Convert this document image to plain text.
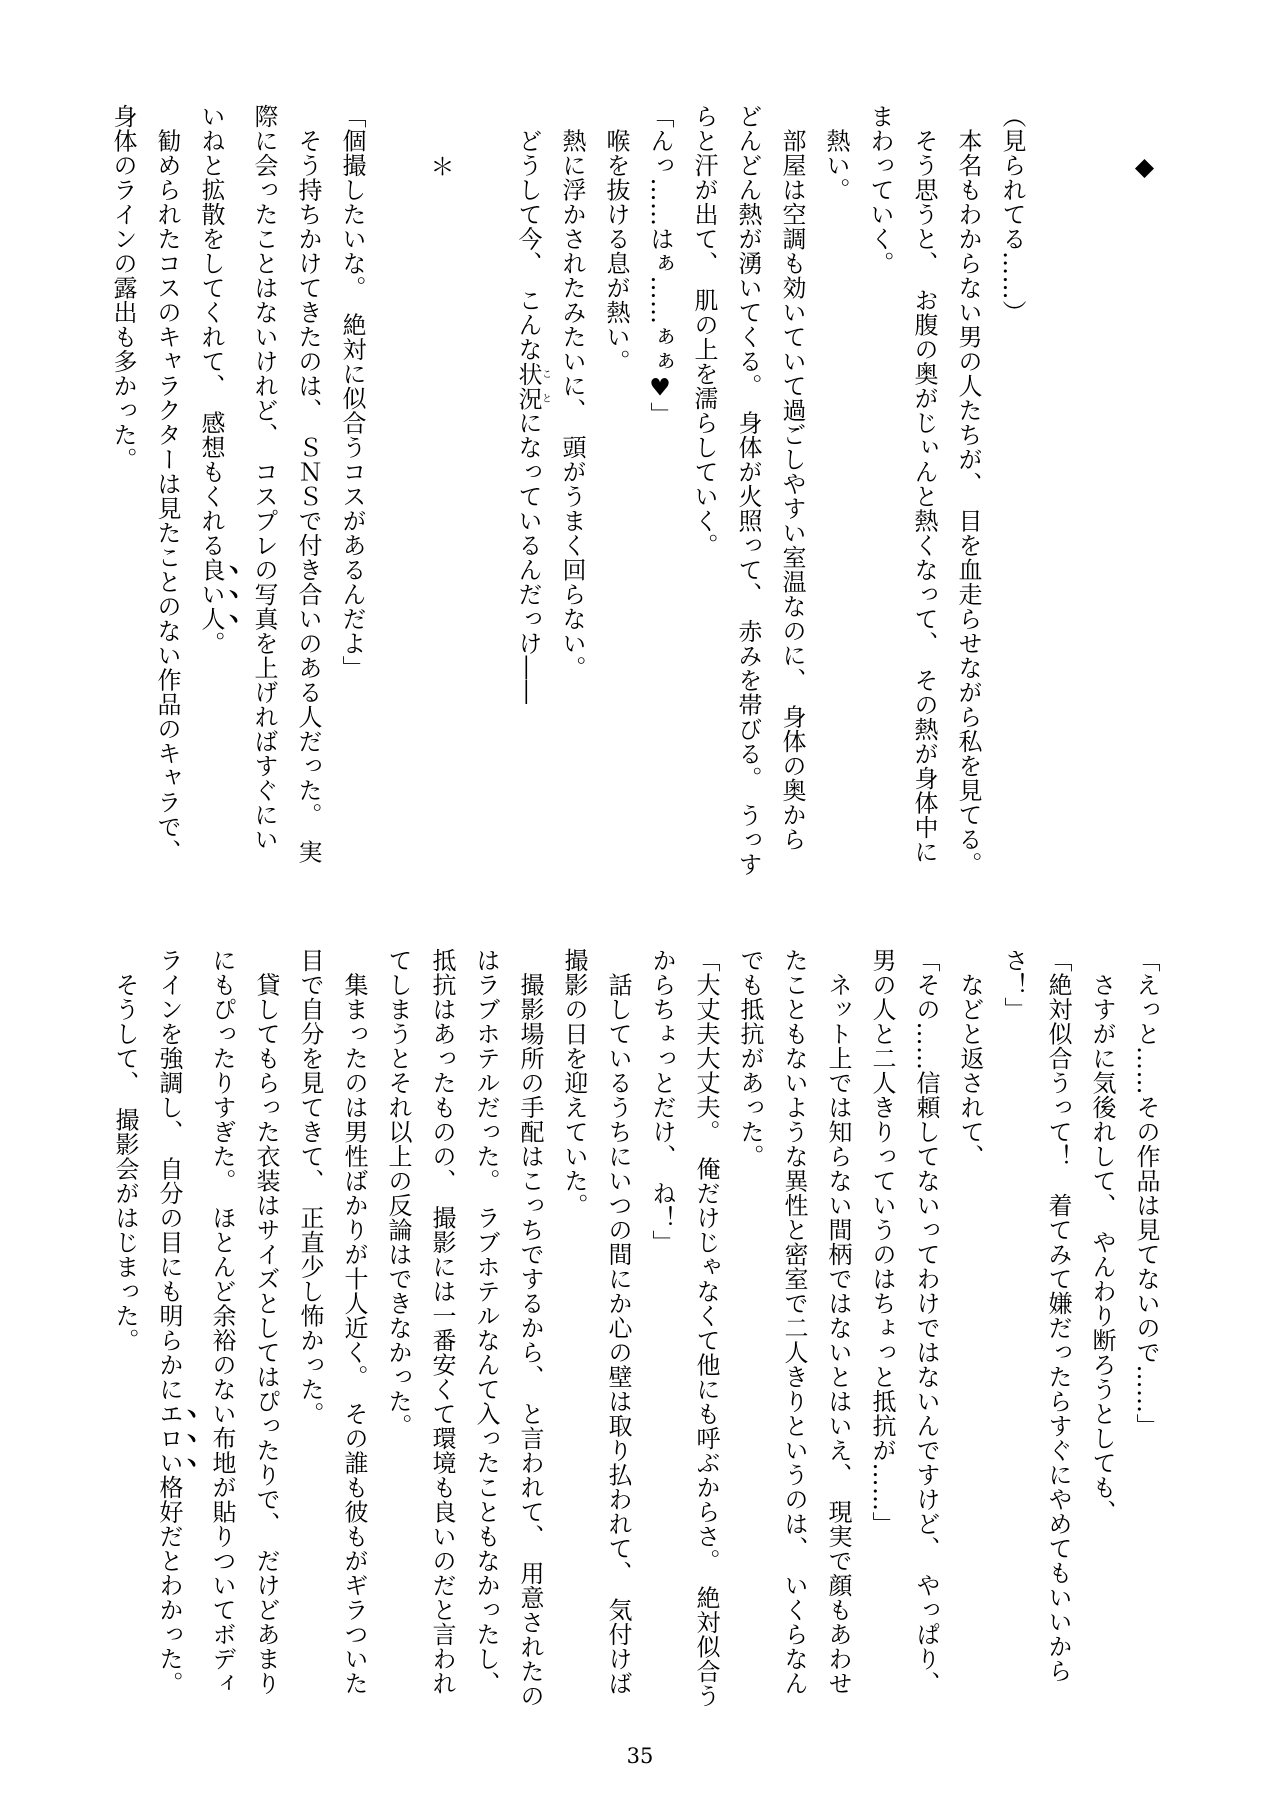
◆
（見られてる……）
　本名もわからない男の人たちが、　目を血走らせながら私を見てる。
　そう思うと、　お腹の奥がじぃんと熱くなって、　その熱が身体中に
まわっていく。
　熱い。
　部屋は空調も効いていて過ごしやすい室温なのに、　身体の奥から
どんどん熱が湧いてくる。　身体が火照って、　赤みを帯びる。　うっす
らと汗が出て、　肌の上を濡らしていく。
「んっ……はぁ……ぁぁ♥」
　喉を抜ける息が熱い。
　熱に浮かされたみたいに、　頭がうまく回らない。
　どうして今、　こんな状況ことになっているんだっけ――
＊
「個撮したいな。　絶対に似合うコスがあるんだよ」
　そう持ちかけてきたのは、　ＳＮＳで付き合いのある人だった。　実
際に会ったことはないけれど、　コスプレの写真を上げればすぐにい
いねと拡散をしてくれて、　感想もくれる良い人。
　勧められたコスのキャラクターは見たことのない作品のキャラで、
身体のラインの露出も多かった。
「えっと……その作品は見てないので……」
　さすがに気後れして、　やんわり断ろうとしても、
「絶対似合うって！　着てみて嫌だったらすぐにやめてもいいから
さ！」
　などと返されて、
「その……信頼してないってわけではないんですけど、　やっぱり、
男の人と二人きりっていうのはちょっと抵抗が……」
　ネット上では知らない間柄ではないとはいえ、　現実で顔もあわせ
たこともないような異性と密室で二人きりというのは、　いくらなん
でも抵抗があった。
「大丈夫大丈夫。　俺だけじゃなくて他にも呼ぶからさ。　絶対似合う
からちょっとだけ、　ね！」
　話しているうちにいつの間にか心の壁は取り払われて、　気付けば
撮影の日を迎えていた。
　撮影場所の手配はこっちでするから、　と言われて、　用意されたの
はラブホテルだった。　ラブホテルなんて入ったこともなかったし、
抵抗はあったものの、　撮影には一番安くて環境も良いのだと言われ
てしまうとそれ以上の反論はできなかった。
　集まったのは男性ばかりが十人近く。　その誰も彼もがギラついた
目で自分を見てきて、　正直少し怖かった。
　貸してもらった衣装はサイズとしてはぴったりで、　だけどあまり
にもぴったりすぎた。　ほとんど余裕のない布地が貼りついてボディ
ラインを強調し、　自分の目にも明らかにエロい格好だとわかった。
　そうして、　撮影会がはじまった。
35
